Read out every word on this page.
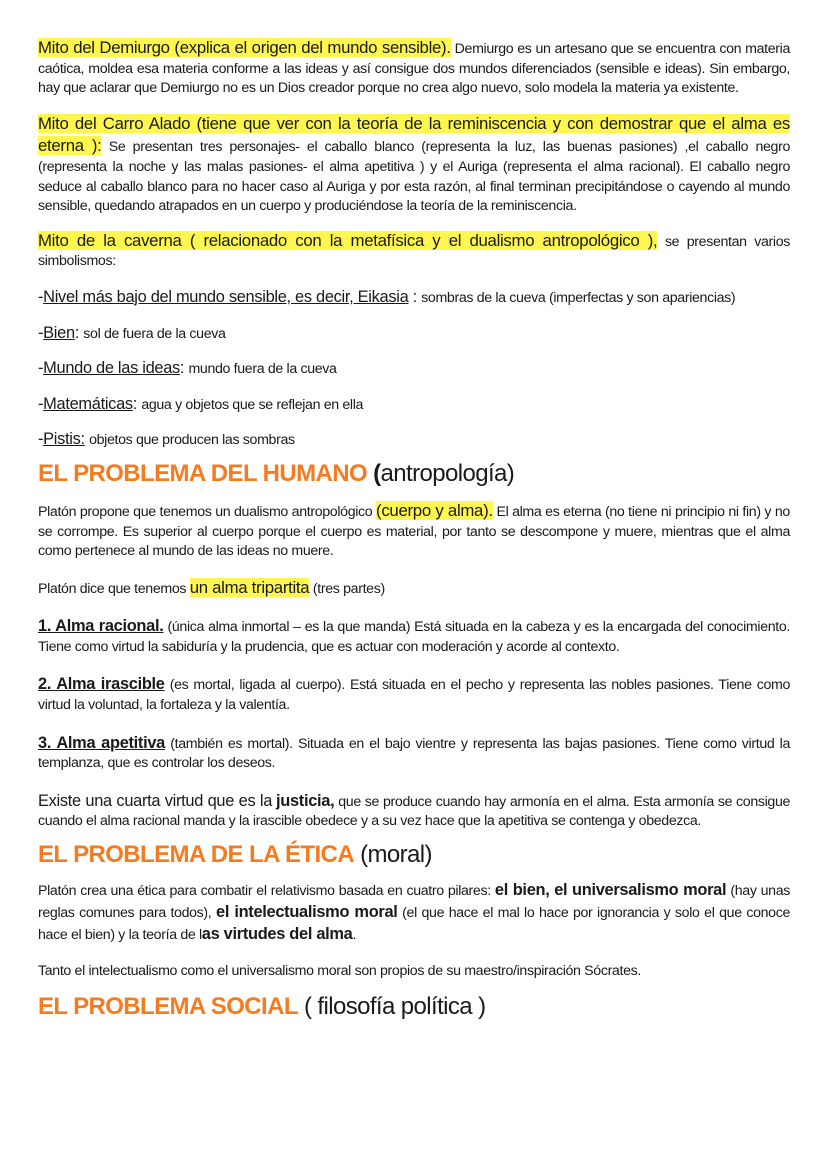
Mito del Demiurgo (explica el origen del mundo sensible). Demiurgo es un artesano que se encuentra con materia caótica, moldea esa materia conforme a las ideas y así consigue dos mundos diferenciados (sensible e ideas). Sin embargo, hay que aclarar que Demiurgo no es un Dios creador porque no crea algo nuevo, solo modela la materia ya existente.

Mito del Carro Alado (tiene que ver con la teoría de la reminiscencia y con demostrar que el alma es eterna ): Se presentan tres personajes- el caballo blanco (representa la luz, las buenas pasiones) ,el caballo negro (representa la noche y las malas pasiones- el alma apetitiva ) y el Auriga (representa el alma racional). El caballo negro seduce al caballo blanco para no hacer caso al Auriga y por esta razón, al final terminan precipitándose o cayendo al mundo sensible, quedando atrapados en un cuerpo y produciéndose la teoría de la reminiscencia.

Mito de la caverna ( relacionado con la metafísica y el dualismo antropológico ), se presentan varios simbolismos:

-Nivel más bajo del mundo sensible, es decir, Eikasia : sombras de la cueva (imperfectas y son apariencias)

-Bien: sol de fuera de la cueva

-Mundo de las ideas: mundo fuera de la cueva

-Matemáticas: agua y objetos que se reflejan en ella

-Pistis: objetos que producen las sombras

EL PROBLEMA DEL HUMANO (antropología)

Platón propone que tenemos un dualismo antropológico (cuerpo y alma). El alma es eterna (no tiene ni principio ni fin) y no se corrompe. Es superior al cuerpo porque el cuerpo es material, por tanto se descompone y muere, mientras que el alma como pertenece al mundo de las ideas no muere.

Platón dice que tenemos un alma tripartita (tres partes)

1. Alma racional. (única alma inmortal – es la que manda) Está situada en la cabeza y es la encargada del conocimiento. Tiene como virtud la sabiduría y la prudencia, que es actuar con moderación y acorde al contexto.

2. Alma irascible (es mortal, ligada al cuerpo). Está situada en el pecho y representa las nobles pasiones. Tiene como virtud la voluntad, la fortaleza y la valentía.

3. Alma apetitiva (también es mortal). Situada en el bajo vientre y representa las bajas pasiones. Tiene como virtud la templanza, que es controlar los deseos.

Existe una cuarta virtud que es la justicia, que se produce cuando hay armonía en el alma. Esta armonía se consigue cuando el alma racional manda y la irascible obedece y a su vez hace que la apetitiva se contenga y obedezca.

EL PROBLEMA DE LA ÉTICA (moral)

Platón crea una ética para combatir el relativismo basada en cuatro pilares: el bien, el universalismo moral (hay unas reglas comunes para todos), el intelectualismo moral (el que hace el mal lo hace por ignorancia y solo el que conoce hace el bien) y la teoría de las virtudes del alma.

Tanto el intelectualismo como el universalismo moral son propios de su maestro/inspiración Sócrates.

EL PROBLEMA SOCIAL ( filosofía política )
